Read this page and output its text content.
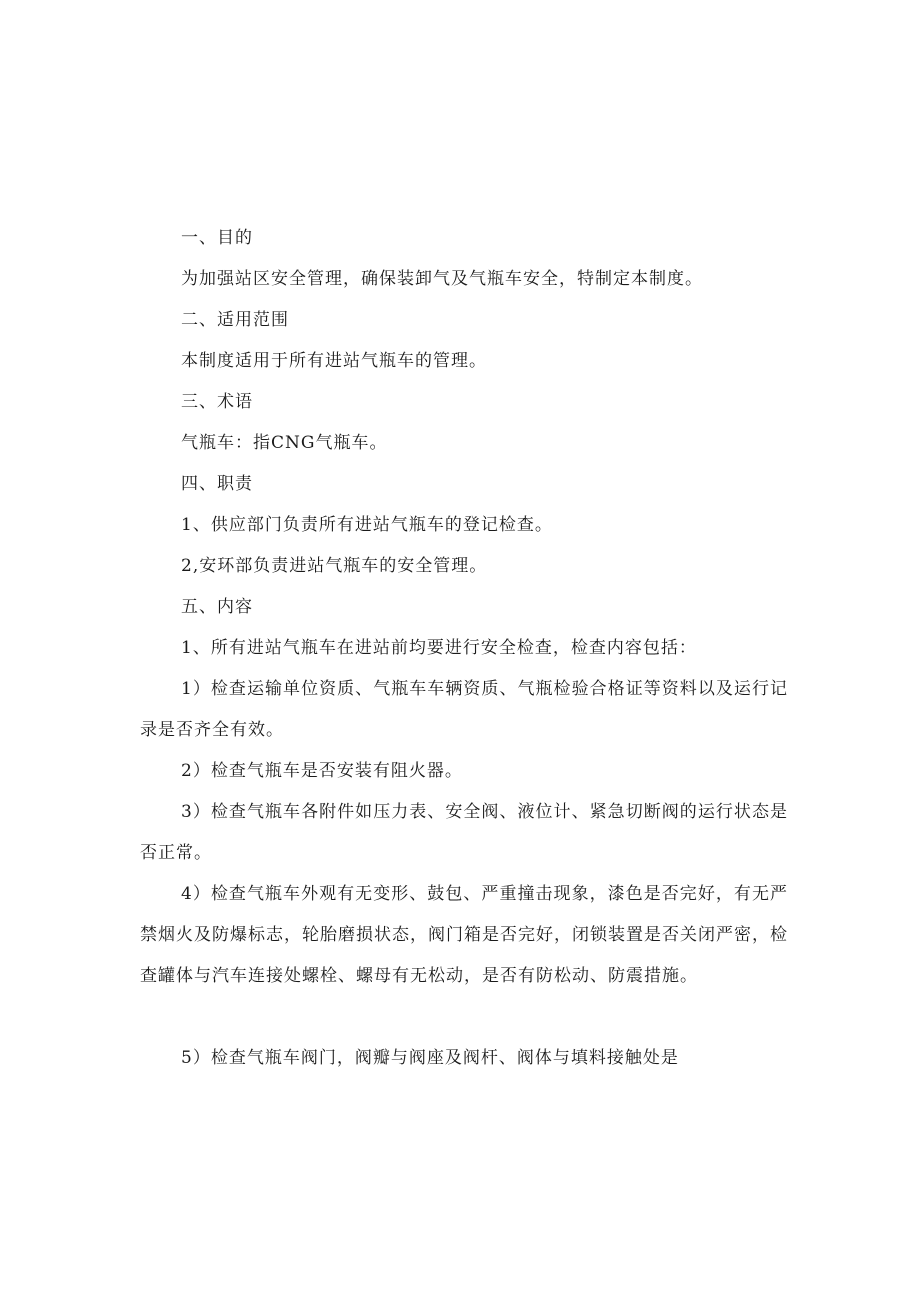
一、目的
为加强站区安全管理，确保装卸气及气瓶车安全，特制定本制度。
二、适用范围
本制度适用于所有进站气瓶车的管理。
三、术语
气瓶车：指CNG气瓶车。
四、职责
1、供应部门负责所有进站气瓶车的登记检查。
2,安环部负责进站气瓶车的安全管理。
五、内容
1、所有进站气瓶车在进站前均要进行安全检查，检查内容包括：

1）检查运输单位资质、气瓶车车辆资质、气瓶检验合格证等资料以及运行记录是否齐全有效。

2）检查气瓶车是否安装有阻火器。

3）检查气瓶车各附件如压力表、安全阀、液位计、紧急切断阀的运行状态是否正常。

4）检查气瓶车外观有无变形、鼓包、严重撞击现象，漆色是否完好，有无严禁烟火及防爆标志，轮胎磨损状态，阀门箱是否完好，闭锁装置是否关闭严密，检查罐体与汽车连接处螺栓、螺母有无松动，是否有防松动、防震措施。

5）检查气瓶车阀门，阀瓣与阀座及阀杆、阀体与填料接触处是
